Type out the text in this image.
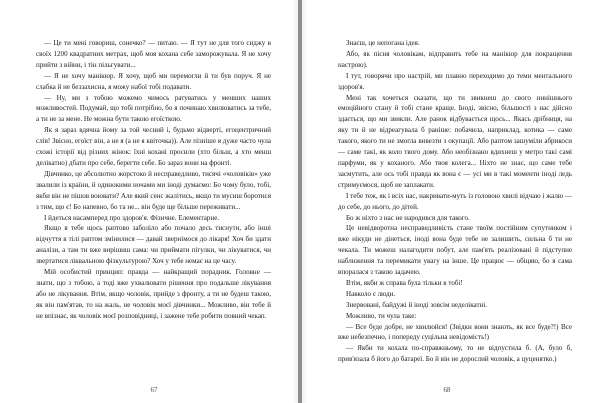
— Це ти мені говориш, сонечко? — питаю. — Я тут не для того сиджу в своїх 1200 квадратних метрах, щоб моя кохана себе заморожувала. Я не хочу прийти з війни, і тін пільгувати...

— Я не хочу манікюр. Я хочу, щоб ми перемогли й ти був поруч. Я не слабка й не беззахисна, я можу набої тобі подавати.

— Ну, ми з тобою можемо чимось ратуватись у менших наших можливостей. Подумай, що тобі потрібно, бо я починаю хвилюватись за тебе, а ти не за мене. Не можна бути такою егоїсткою.

Як я зараз вдячна йому за той чесний і, будьмо відверті, егоцентричний слів! Звісно, егоїст він, а не я (а не я квіточка)). Але пізніше я дуже часто чула схожі історії від різних жінок: їхні кохані просили (хто більш, а хто менш делікатно) дбати про себе, берегти себе. Бо зараз вони на фронті.

Дівчинко, це абсолютно жорстоко й несправедливо, тисячі «чоловіків» уже звалили із країни, й одинокими ночами ми іноді думаємо: Бо чому було, тобі, якби він не пішов воювати? Але який сенс жалітись, якщо ти мусиш боротися з тим, що є! Бо напевно, бо та не... він буде ще більше переживати...

І йдеться насамперед про здоров'я. Фізичне. Елементарне.

Якщо в тебе щось раптово заболіло або почало десь тиснути, або інші відчуття в тілі раптом змінилися — давай звернімося до лікаря! Хоч би здати аналізи, а там ти вже вирішиш сама: чи приймати пігулки, чи лікуватися, чи звертатися ліквальною фізкультурою? Хоч у тебе немає на це часу.

Мій особистий принцип: правда — найкращий порадник. Головне — знати, що з тобою, а тоді вже ухвалювати рішення про подальше лікування або не лікування. Втім, якщо чоловік, прийде з фронту, а ти не будеш такою, як він пам'ятав, то на жаль, не чоловік моєї дівчинки... Можливо, він тебе й не впізнає, як чоловік моєї розповідниці, і зажене тебе робити повний чекап.

67

Знаєш, це непогана ідея.

Або, як пісня чоловікам, відправить тебе на манікюр для покращення настрою).

І тут, говорячи про настрій, ми плавно переходимо до теми ментального здоров'я.

Мені так хочеться сказати, що ти звикнеш до свого нинішнього емоційного стану й тобі стане краще. Іноді, звісно, більшості з нас дійсно здається, що ми звикли. Але ранок відбувається щось... Якась дрібниця, на яку ти й не відреагувала б раніше: побачила, наприклад, котика — саме такого, якого ти не змогла вивезти з окупації. Або раптом зашуміли абрикоси — саме такі, як коло твого дому. Або необізнано вдихнеш у метро такі самі парфуми, як у коханого. Або твоя колега... Ніхто не знає, що саме тебе засмутить, але ось тобі правда як вона є — усі ми в такі моменти іноді ледь стримуємося, щоб не заплакати.

І тебе теж, як і всіх нас, накривати-муть із головою хвилі відчаю і жалю — до себе, до нього, до дітей.

Бо ж ніхто з нас не народився для такого.

Це невідворотна несправедливість стане твоїм постійним супутником і вже нікуди не дінеться, іноді вона буде тебе не залишить, сильна б ти не чекала. Ти можеш налагодити побут, але пам'ять реалізовані й підступне наближення та перемикати увагу на інше. Це працює — обіцяю, бо я сама впоралася з такою задачею.

Втім, якби ж справа була тільки в тобі!

Навколо є люди.

Знервовані, байдужі й іноді зовсім неделікатні.

Можливо, ти чула таке:

— Все буде добре, не хвилюйся! (Звідки вони знають, як все буде?!) Все вже небезпечно, і попереду суцільна невідомість!)

— Якби ти кохала по-справжньому, то не відпустила б. (А, було б, прив'язала б його до батареї. Бо й він не дорослий чоловік, а цуценятко.)

68
